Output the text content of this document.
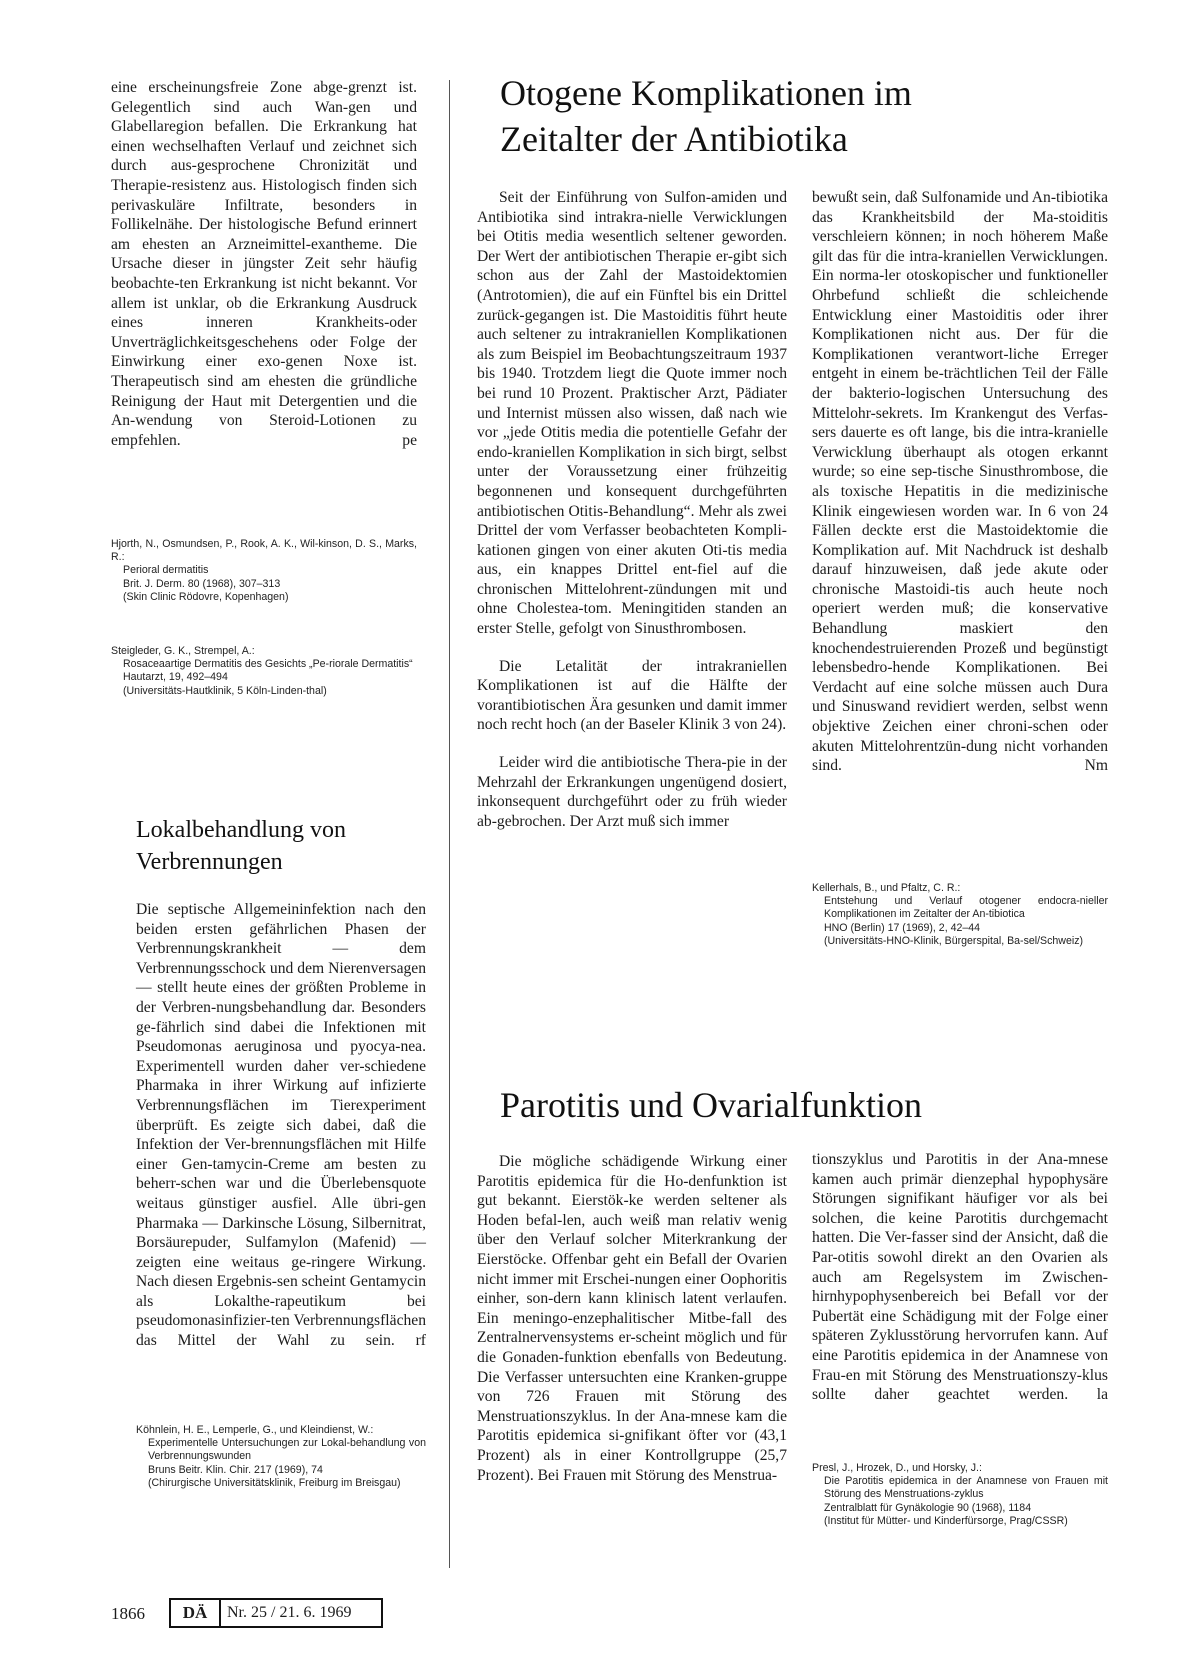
eine erscheinungsfreie Zone abge-grenzt ist. Gelegentlich sind auch Wan-gen und Glabellaregion befallen. Die Erkrankung hat einen wechselhaften Verlauf und zeichnet sich durch aus-gesprochene Chronizität und Therapie-resistenz aus. Histologisch finden sich perivaskuläre Infiltrate, besonders in Follikelnähe. Der histologische Befund erinnert am ehesten an Arzneimittel-exantheme. Die Ursache dieser in jüngster Zeit sehr häufig beobachte-ten Erkrankung ist nicht bekannt. Vor allem ist unklar, ob die Erkrankung Ausdruck eines inneren Krankheits-oder Unverträglichkeitsgeschehens oder Folge der Einwirkung einer exo-genen Noxe ist. Therapeutisch sind am ehesten die gründliche Reinigung der Haut mit Detergentien und die An-wendung von Steroid-Lotionen zu empfehlen. pe

Hjorth, N., Osmundsen, P., Rook, A. K., Wil-kinson, D. S., Marks, R.:
Perioral dermatitis
Brit. J. Derm. 80 (1968), 307–313
(Skin Clinic Rödovre, Kopenhagen)
Steigleder, G. K., Strempel, A.:
Rosaceaartige Dermatitis des Gesichts „Pe-riorale Dermatitis“
Hautarzt, 19, 492–494
(Universitäts-Hautklinik, 5 Köln-Linden-thal)
Lokalbehandlung von Verbrennungen

Die septische Allgemeininfektion nach den beiden ersten gefährlichen Phasen der Verbrennungskrankheit — dem Verbrennungsschock und dem Nierenversagen — stellt heute eines der größten Probleme in der Verbren-nungsbehandlung dar. Besonders ge-fährlich sind dabei die Infektionen mit Pseudomonas aeruginosa und pyocya-nea. Experimentell wurden daher ver-schiedene Pharmaka in ihrer Wirkung auf infizierte Verbrennungsflächen im Tierexperiment überprüft. Es zeigte sich dabei, daß die Infektion der Ver-brennungsflächen mit Hilfe einer Gen-tamycin-Creme am besten zu beherr-schen war und die Überlebensquote weitaus günstiger ausfiel. Alle übri-gen Pharmaka — Darkinsche Lösung, Silbernitrat, Borsäurepuder, Sulfamylon (Mafenid) — zeigten eine weitaus ge-ringere Wirkung. Nach diesen Ergebnis-sen scheint Gentamycin als Lokalthe-rapeutikum bei pseudomonasinfizier-ten Verbrennungsflächen das Mittel der Wahl zu sein. rf

Köhnlein, H. E., Lemperle, G., und Kleindienst, W.:
Experimentelle Untersuchungen zur Lokal-behandlung von Verbrennungswunden
Bruns Beitr. Klin. Chir. 217 (1969), 74
(Chirurgische Universitätsklinik, Freiburg im Breisgau)
Otogene Komplikationen im
Zeitalter der Antibiotika

Seit der Einführung von Sulfon-amiden und Antibiotika sind intrakra-nielle Verwicklungen bei Otitis media wesentlich seltener geworden. Der Wert der antibiotischen Therapie er-gibt sich schon aus der Zahl der Mastoidektomien (Antrotomien), die auf ein Fünftel bis ein Drittel zurück-gegangen ist. Die Mastoiditis führt heute auch seltener zu intrakraniellen Komplikationen als zum Beispiel im Beobachtungszeitraum 1937 bis 1940. Trotzdem liegt die Quote immer noch bei rund 10 Prozent. Praktischer Arzt, Pädiater und Internist müssen also wissen, daß nach wie vor „jede Otitis media die potentielle Gefahr der endo-kraniellen Komplikation in sich birgt, selbst unter der Voraussetzung einer frühzeitig begonnenen und konsequent durchgeführten antibiotischen Otitis-Behandlung“. Mehr als zwei Drittel der vom Verfasser beobachteten Kompli-kationen gingen von einer akuten Oti-tis media aus, ein knappes Drittel ent-fiel auf die chronischen Mittelohrent-zündungen mit und ohne Cholestea-tom. Meningitiden standen an erster Stelle, gefolgt von Sinusthrombosen.

Die Letalität der intrakraniellen Komplikationen ist auf die Hälfte der vorantibiotischen Ära gesunken und damit immer noch recht hoch (an der Baseler Klinik 3 von 24).

Leider wird die antibiotische Thera-pie in der Mehrzahl der Erkrankungen ungenügend dosiert, inkonsequent durchgeführt oder zu früh wieder ab-gebrochen. Der Arzt muß sich immer

bewußt sein, daß Sulfonamide und An-tibiotika das Krankheitsbild der Ma-stoiditis verschleiern können; in noch höherem Maße gilt das für die intra-kraniellen Verwicklungen. Ein norma-ler otoskopischer und funktioneller Ohrbefund schließt die schleichende Entwicklung einer Mastoiditis oder ihrer Komplikationen nicht aus. Der für die Komplikationen verantwort-liche Erreger entgeht in einem be-trächtlichen Teil der Fälle der bakterio-logischen Untersuchung des Mittelohr-sekrets. Im Krankengut des Verfas-sers dauerte es oft lange, bis die intra-kranielle Verwicklung überhaupt als otogen erkannt wurde; so eine sep-tische Sinusthrombose, die als toxische Hepatitis in die medizinische Klinik eingewiesen worden war. In 6 von 24 Fällen deckte erst die Mastoidektomie die Komplikation auf. Mit Nachdruck ist deshalb darauf hinzuweisen, daß jede akute oder chronische Mastoidi-tis auch heute noch operiert werden muß; die konservative Behandlung maskiert den knochendestruierenden Prozeß und begünstigt lebensbedro-hende Komplikationen. Bei Verdacht auf eine solche müssen auch Dura und Sinuswand revidiert werden, selbst wenn objektive Zeichen einer chroni-schen oder akuten Mittelohrentzün-dung nicht vorhanden sind. Nm

Kellerhals, B., und Pfaltz, C. R.:
Entstehung und Verlauf otogener endocra-nieller Komplikationen im Zeitalter der An-tibiotica
HNO (Berlin) 17 (1969), 2, 42–44
(Universitäts-HNO-Klinik, Bürgerspital, Ba-sel/Schweiz)
Parotitis und Ovarialfunktion

Die mögliche schädigende Wirkung einer Parotitis epidemica für die Ho-denfunktion ist gut bekannt. Eierstök-ke werden seltener als Hoden befal-len, auch weiß man relativ wenig über den Verlauf solcher Miterkrankung der Eierstöcke. Offenbar geht ein Befall der Ovarien nicht immer mit Erschei-nungen einer Oophoritis einher, son-dern kann klinisch latent verlaufen. Ein meningo-enzephalitischer Mitbe-fall des Zentralnervensystems er-scheint möglich und für die Gonaden-funktion ebenfalls von Bedeutung. Die Verfasser untersuchten eine Kranken-gruppe von 726 Frauen mit Störung des Menstruationszyklus. In der Ana-mnese kam die Parotitis epidemica si-gnifikant öfter vor (43,1 Prozent) als in einer Kontrollgruppe (25,7 Prozent). Bei Frauen mit Störung des Menstrua-

tionszyklus und Parotitis in der Ana-mnese kamen auch primär dienzephal hypophysäre Störungen signifikant häufiger vor als bei solchen, die keine Parotitis durchgemacht hatten. Die Ver-fasser sind der Ansicht, daß die Par-otitis sowohl direkt an den Ovarien als auch am Regelsystem im Zwischen-hirnhypophysenbereich bei Befall vor der Pubertät eine Schädigung mit der Folge einer späteren Zyklusstörung hervorrufen kann. Auf eine Parotitis epidemica in der Anamnese von Frau-en mit Störung des Menstruationszy-klus sollte daher geachtet werden. la

Presl, J., Hrozek, D., und Horsky, J.:
Die Parotitis epidemica in der Anamnese von Frauen mit Störung des Menstruations-zyklus
Zentralblatt für Gynäkologie 90 (1968), 1184
(Institut für Mütter- und Kinderfürsorge, Prag/CSSR)
1866	DÄ	Nr. 25 / 21. 6. 1969
